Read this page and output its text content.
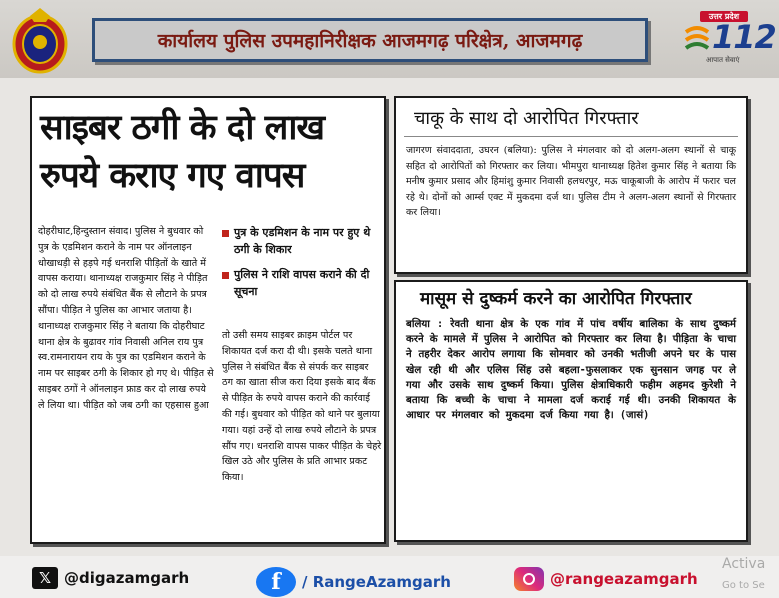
कार्यालय पुलिस उपमहानिरीक्षक आजमगढ़ परिक्षेत्र, आजमगढ़
उत्तर प्रदेश
112
आपात सेवाएं
साइबर ठगी के दो लाख
रुपये कराए गए वापस
दोहरीघाट,हिन्दुस्तान संवाद। पुलिस ने बुधवार को पुत्र के एडमिशन कराने के नाम पर ऑनलाइन धोखाधड़ी से हड़पे गई धनराशि पीड़ितों के खाते में वापस कराया। थानाध्यक्ष राजकुमार सिंह ने पीड़ित को दो लाख रुपये संबंधित बैंक से लौटाने के प्रपत्र सौंपा। पीड़ित ने पुलिस का आभार जताया है। थानाध्यक्ष राजकुमार सिंह ने बताया कि दोहरीघाट थाना क्षेत्र के बुढावर गांव निवासी अनिल राय पुत्र स्व.रामनारायन राय के पुत्र का एडमिशन कराने के नाम पर साइबर ठगी के शिकार हो गए थे। पीड़ित से साइबर ठगों ने ऑनलाइन फ्राड कर दो लाख रुपये ले लिया था। पीड़ित को जब ठगी का एहसास हुआ
पुत्र के एडमिशन के नाम पर हुए थे ठगी के शिकार
पुलिस ने राशि वापस कराने की दी सूचना
तो उसी समय साइबर क्राइम पोर्टल पर शिकायत दर्ज करा दी थी। इसके चलते थाना पुलिस ने संबंधित बैंक से संपर्क कर साइबर ठग का खाता सीज करा दिया इसके बाद बैंक से पीड़ित के रुपये वापस कराने की कार्रवाई की गई। बुधवार को पीड़ित को थाने पर बुलाया गया। यहां उन्हें दो लाख रुपये लौटाने के प्रपत्र सौंप गए। धनराशि वापस पाकर पीड़ित के चेहरे खिल उठे और पुलिस के प्रति आभार प्रकट किया।
चाकू के साथ दो आरोपित गिरफ्तार
जागरण संवाददाता, उघरन (बलिया): पुलिस ने मंगलवार को दो अलग-अलग स्थानों से चाकू सहित दो आरोपितों को गिरफ्तार कर लिया। भीमपुरा थानाध्यक्ष हितेश कुमार सिंह ने बताया कि मनीष कुमार प्रसाद और हिमांशु कुमार निवासी हलधरपुर, मऊ चाकूबाजी के आरोप में फरार चल रहे थे। दोनों को आर्म्स एक्ट में मुकदमा दर्ज था। पुलिस टीम ने अलग-अलग स्थानों से गिरफ्तार कर लिया।
मासूम से दुष्कर्म करने का आरोपित गिरफ्तार
बलिया : रेवती थाना क्षेत्र के एक गांव में पांच वर्षीय बालिका के साथ दुष्कर्म करने के मामले में पुलिस ने आरोपित को गिरफ्तार कर लिया है। पीड़िता के चाचा ने तहरीर देकर आरोप लगाया कि सोमवार को उनकी भतीजी अपने घर के पास खेल रही थी और एलिस सिंह उसे बहला-फुसलाकर एक सुनसान जगह पर ले गया और उसके साथ दुष्कर्म किया। पुलिस क्षेत्राधिकारी फहीम अहमद कुरेशी ने बताया कि बच्ची के चाचा ने मामला दर्ज कराई गई थी। उनकी शिकायत के आधार पर मंगलवार को मुकदमा दर्ज किया गया है। (जासं)
𝕏 @digazamgarh	f	/ RangeAzamgarh	@rangeazamgarh
Activa
Go to Se
